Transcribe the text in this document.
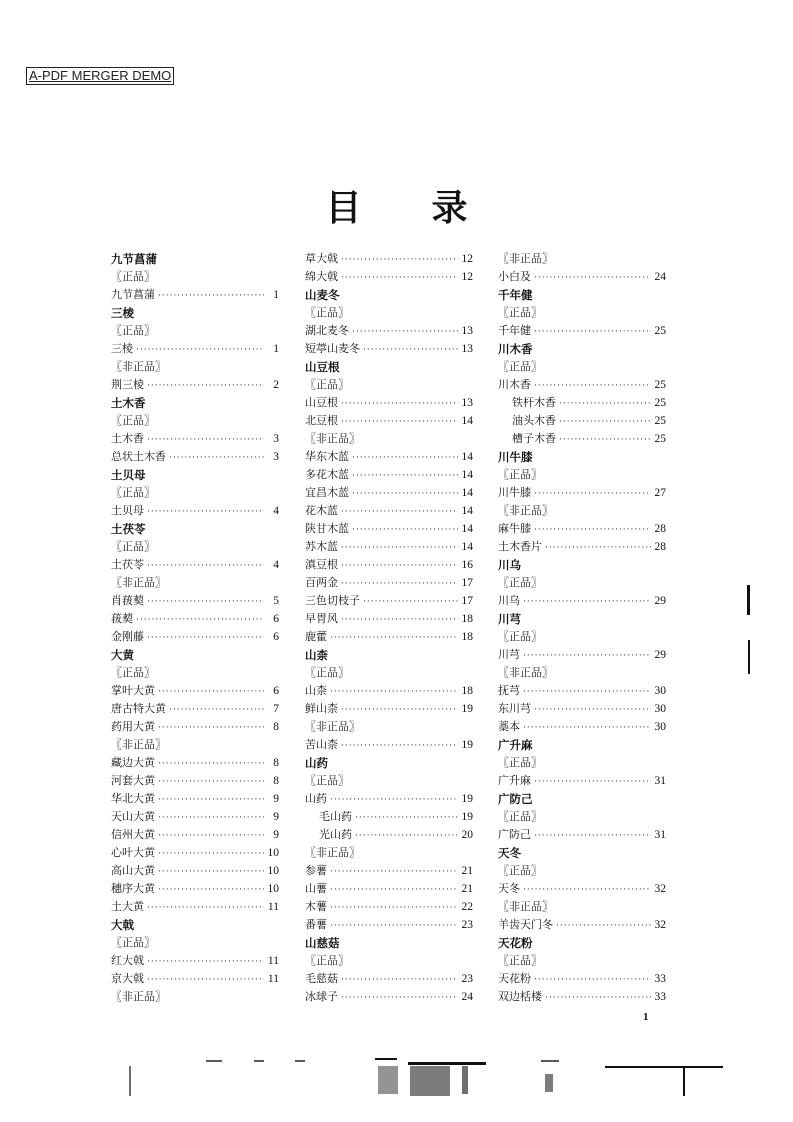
A-PDF MERGER DEMO
目 录
九节菖蒲
〖正品〗
九节菖蒲 ·····	1
三棱
〖正品〗
三棱 ·····	1
〖非正品〗
荆三棱 ·····	2
土木香
〖正品〗
土木香 ·····	3
总状土木香 ·····	3
土贝母
〖正品〗
土贝母 ·····	4
土茯苓
〖正品〗
土茯苓 ·····	4
〖非正品〗
肖菝葜 ·····	5
菝葜 ·····	6
金刚藤 ·····	6
大黄
〖正品〗
掌叶大黄 ·····	6
唐古特大黄 ·····	7
药用大黄 ·····	8
〖非正品〗
藏边大黄 ·····	8
河套大黄 ·····	8
华北大黄 ·····	9
天山大黄 ·····	9
信州大黄 ·····	9
心叶大黄 ·····	10
高山大黄 ·····	10
穗序大黄 ·····	10
土大黄 ·····	11
大戟
〖正品〗
红大戟 ·····	11
京大戟 ·····	11
〖非正品〗
草大戟 ·····	12
绵大戟 ·····	12
山麦冬
〖正品〗
湖北麦冬 ·····	13
短葶山麦冬 ·····	13
山豆根
〖正品〗
山豆根 ·····	13
北豆根 ·····	14
〖非正品〗
华东木蓝 ·····	14
多花木蓝 ·····	14
宜昌木蓝 ·····	14
花木蓝 ·····	14
陕甘木蓝 ·····	14
苏木蓝 ·····	14
滇豆根 ·····	16
百两金 ·····	17
三色切枝子 ·····	17
早胃风 ·····	18
鹿藿 ·····	18
山柰
〖正品〗
山柰 ·····	18
鲜山柰 ·····	19
〖非正品〗
苦山柰 ·····	19
山药
〖正品〗
山药 ·····	19
毛山药 ·····	19
光山药 ·····	20
〖非正品〗
参薯 ·····	21
山薯 ·····	21
木薯 ·····	22
番薯 ·····	23
山慈菇
〖正品〗
毛慈菇 ·····	23
冰球子 ·····	24
〖非正品〗
小白及 ·····	24
千年健
〖正品〗
千年健 ·····	25
川木香
〖正品〗
川木香 ·····	25
铁杆木香 ·····	25
油头木香 ·····	25
槽子木香 ·····	25
川牛膝
〖正品〗
川牛膝 ·····	27
〖非正品〗
麻牛膝 ·····	28
土木香片 ·····	28
川乌
〖正品〗
川乌 ·····	29
川芎
〖正品〗
川芎 ·····	29
〖非正品〗
抚芎 ·····	30
东川芎 ·····	30
藁本 ·····	30
广升麻
〖正品〗
广升麻 ·····	31
广防己
〖正品〗
广防己 ·····	31
天冬
〖正品〗
天冬 ·····	32
〖非正品〗
羊齿天门冬 ·····	32
天花粉
〖正品〗
天花粉 ·····	33
双边栝楼 ·····	33
1
